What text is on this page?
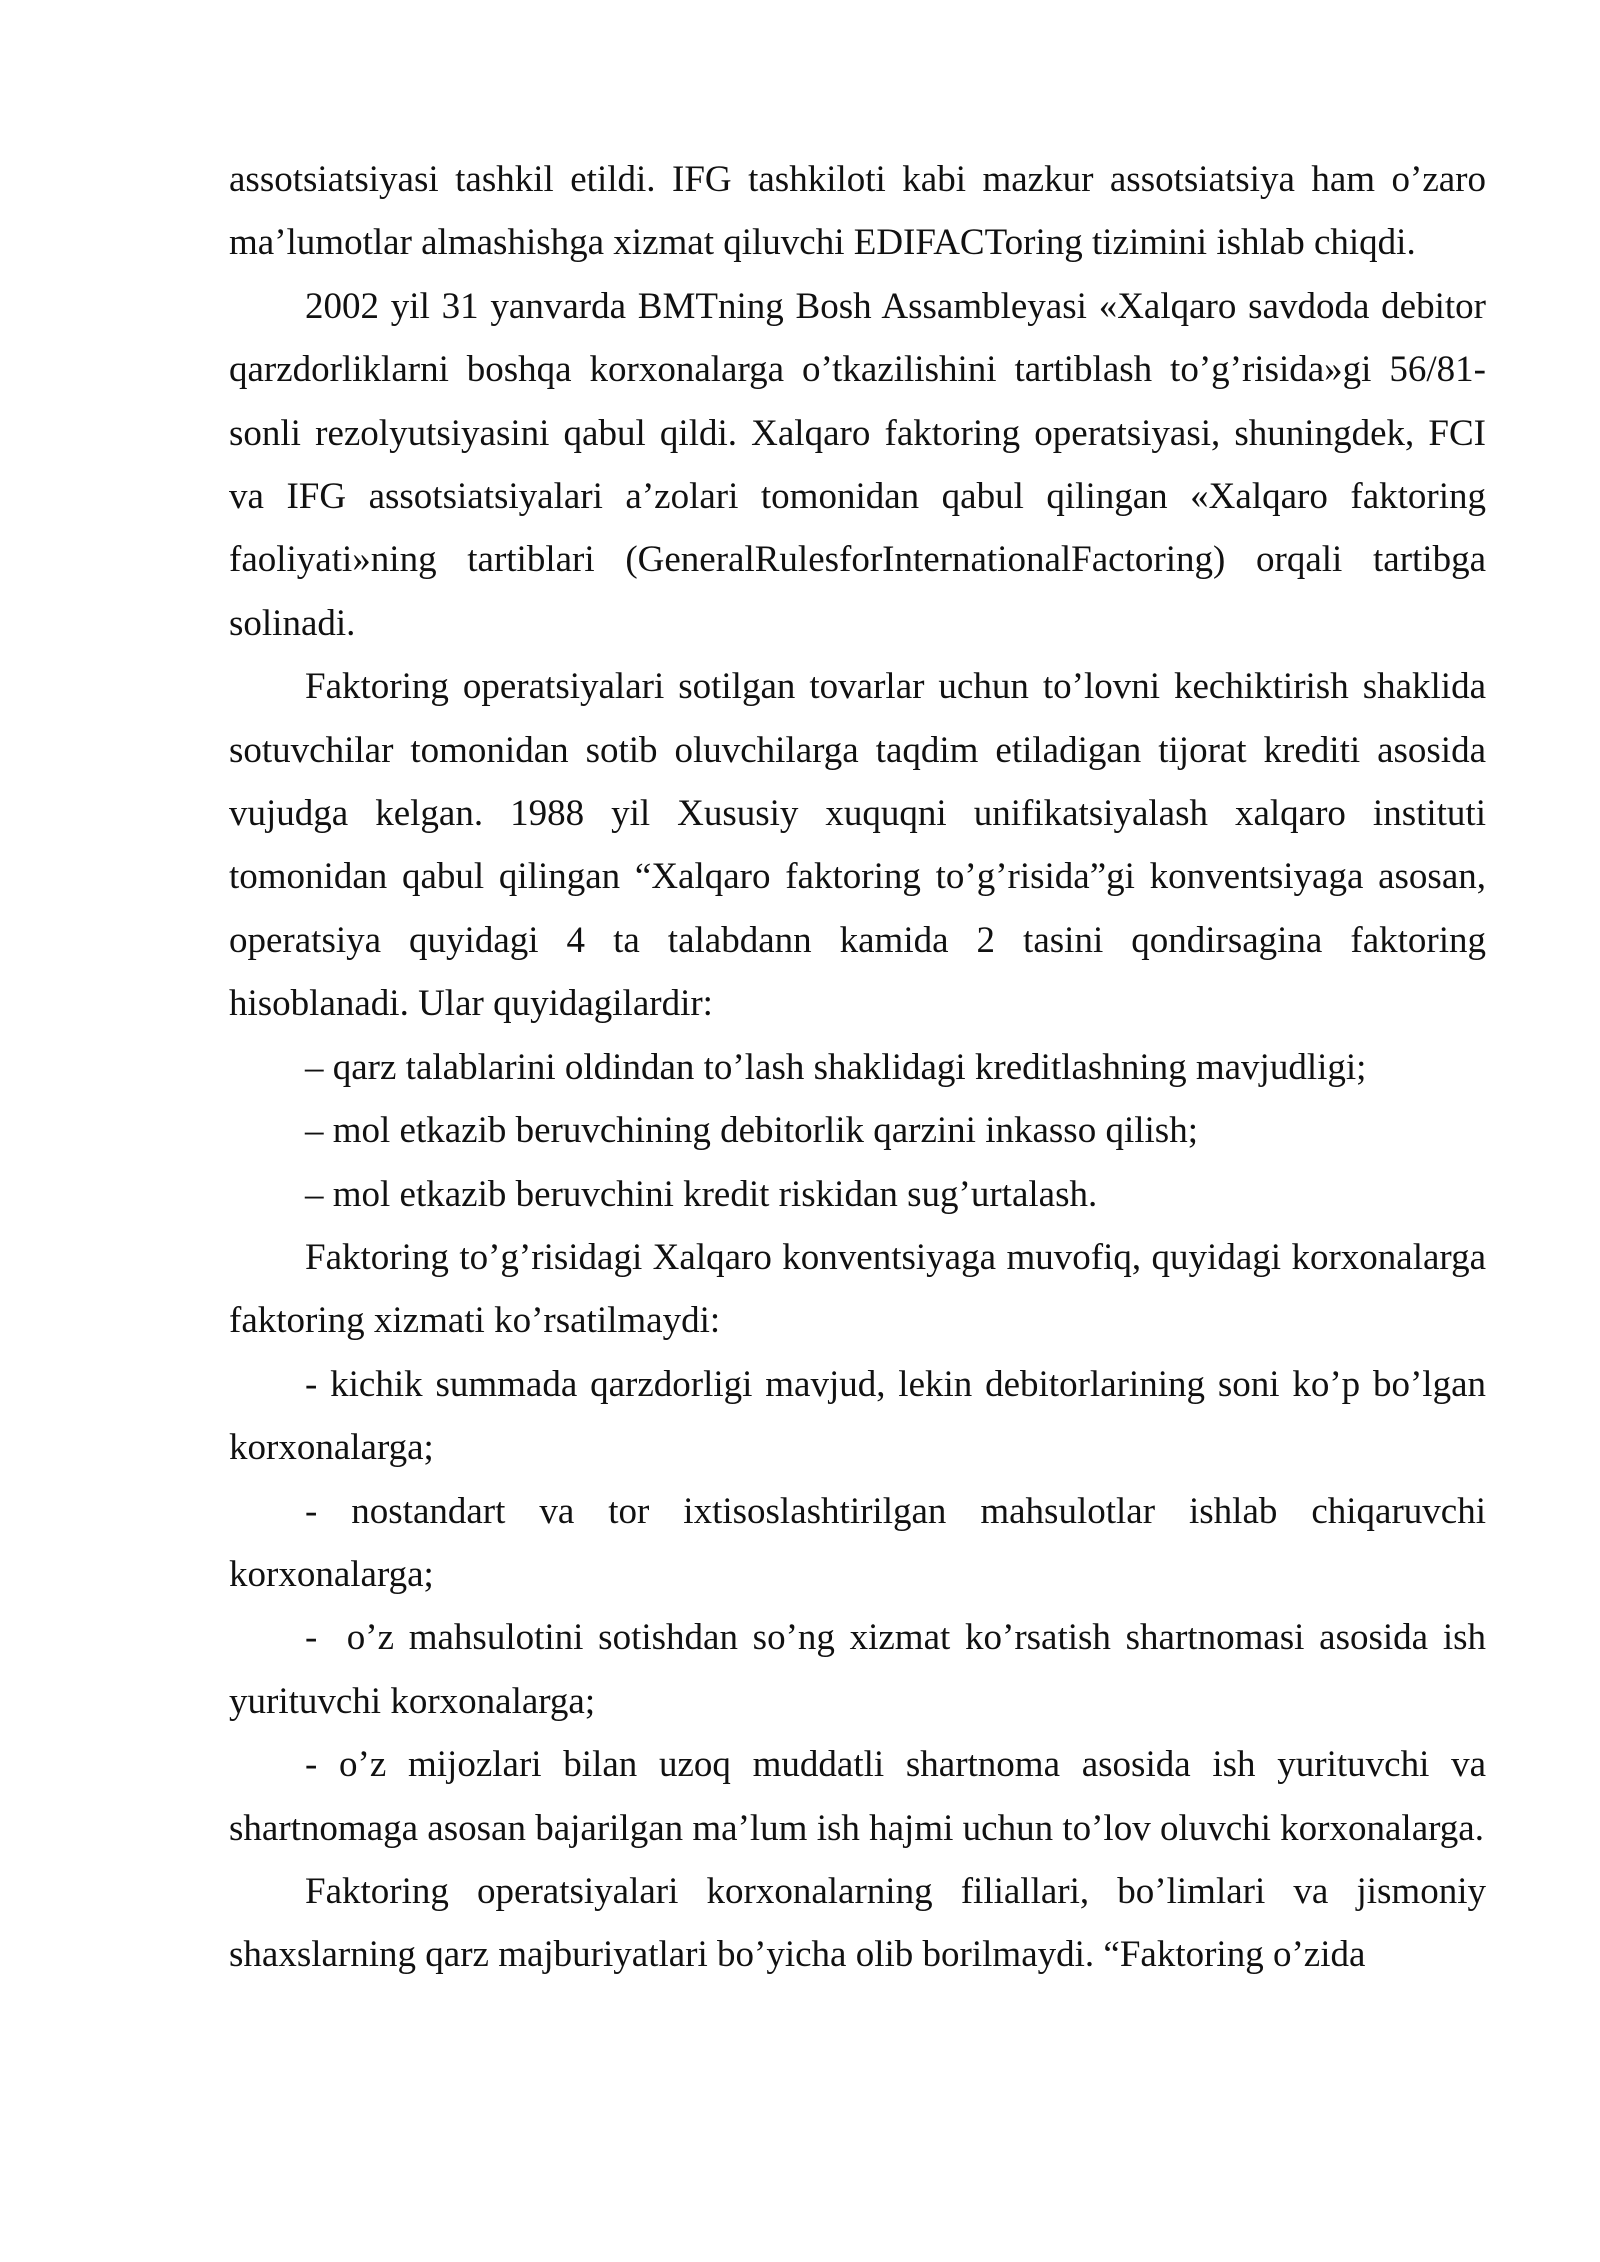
assotsiatsiyasi tashkil etildi. IFG tashkiloti kabi mazkur assotsiatsiya ham o’zaro ma’lumotlar almashishga xizmat qiluvchi EDIFACToring tizimini ishlab chiqdi.

2002 yil 31 yanvarda BMTning Bosh Assambleyasi «Xalqaro savdoda debitor qarzdorliklarni boshqa korxonalarga o’tkazilishini tartiblash to’g’risida»gi 56/81-sonli rezolyutsiyasini qabul qildi. Xalqaro faktoring operatsiyasi, shuningdek, FCI va IFG assotsiatsiyalari a’zolari tomonidan qabul qilingan «Xalqaro faktoring faoliyati»ning tartiblari (GeneralRulesforInternationalFactoring) orqali tartibga solinadi.

Faktoring operatsiyalari sotilgan tovarlar uchun to’lovni kechiktirish shaklida sotuvchilar tomonidan sotib oluvchilarga taqdim etiladigan tijorat krediti asosida vujudga kelgan. 1988 yil Xususiy xuquqni unifikatsiyalash xalqaro instituti tomonidan qabul qilingan “Xalqaro faktoring to’g’risida”gi konventsiyaga asosan, operatsiya quyidagi 4 ta talabdann kamida 2 tasini qondirsagina faktoring hisoblanadi. Ular quyidagilardir:

– qarz talablarini oldindan to’lash shaklidagi kreditlashning mavjudligi;

– mol etkazib beruvchining debitorlik qarzini inkasso qilish;

– mol etkazib beruvchini kredit riskidan sug’urtalash.

Faktoring to’g’risidagi Xalqaro konventsiyaga muvofiq, quyidagi korxonalarga faktoring xizmati ko’rsatilmaydi:

- kichik summada qarzdorligi mavjud, lekin debitorlarining soni ko’p bo’lgan korxonalarga;

- nostandart va tor ixtisoslashtirilgan mahsulotlar ishlab chiqaruvchi korxonalarga;

-  o’z mahsulotini sotishdan so’ng xizmat ko’rsatish shartnomasi asosida ish yurituvchi korxonalarga;

- o’z mijozlari bilan uzoq muddatli shartnoma asosida ish yurituvchi va shartnomaga asosan bajarilgan ma’lum ish hajmi uchun to’lov oluvchi korxonalarga.

Faktoring operatsiyalari korxonalarning filiallari, bo’limlari va jismoniy shaxslarning qarz majburiyatlari bo’yicha olib borilmaydi. “Faktoring o’zida
